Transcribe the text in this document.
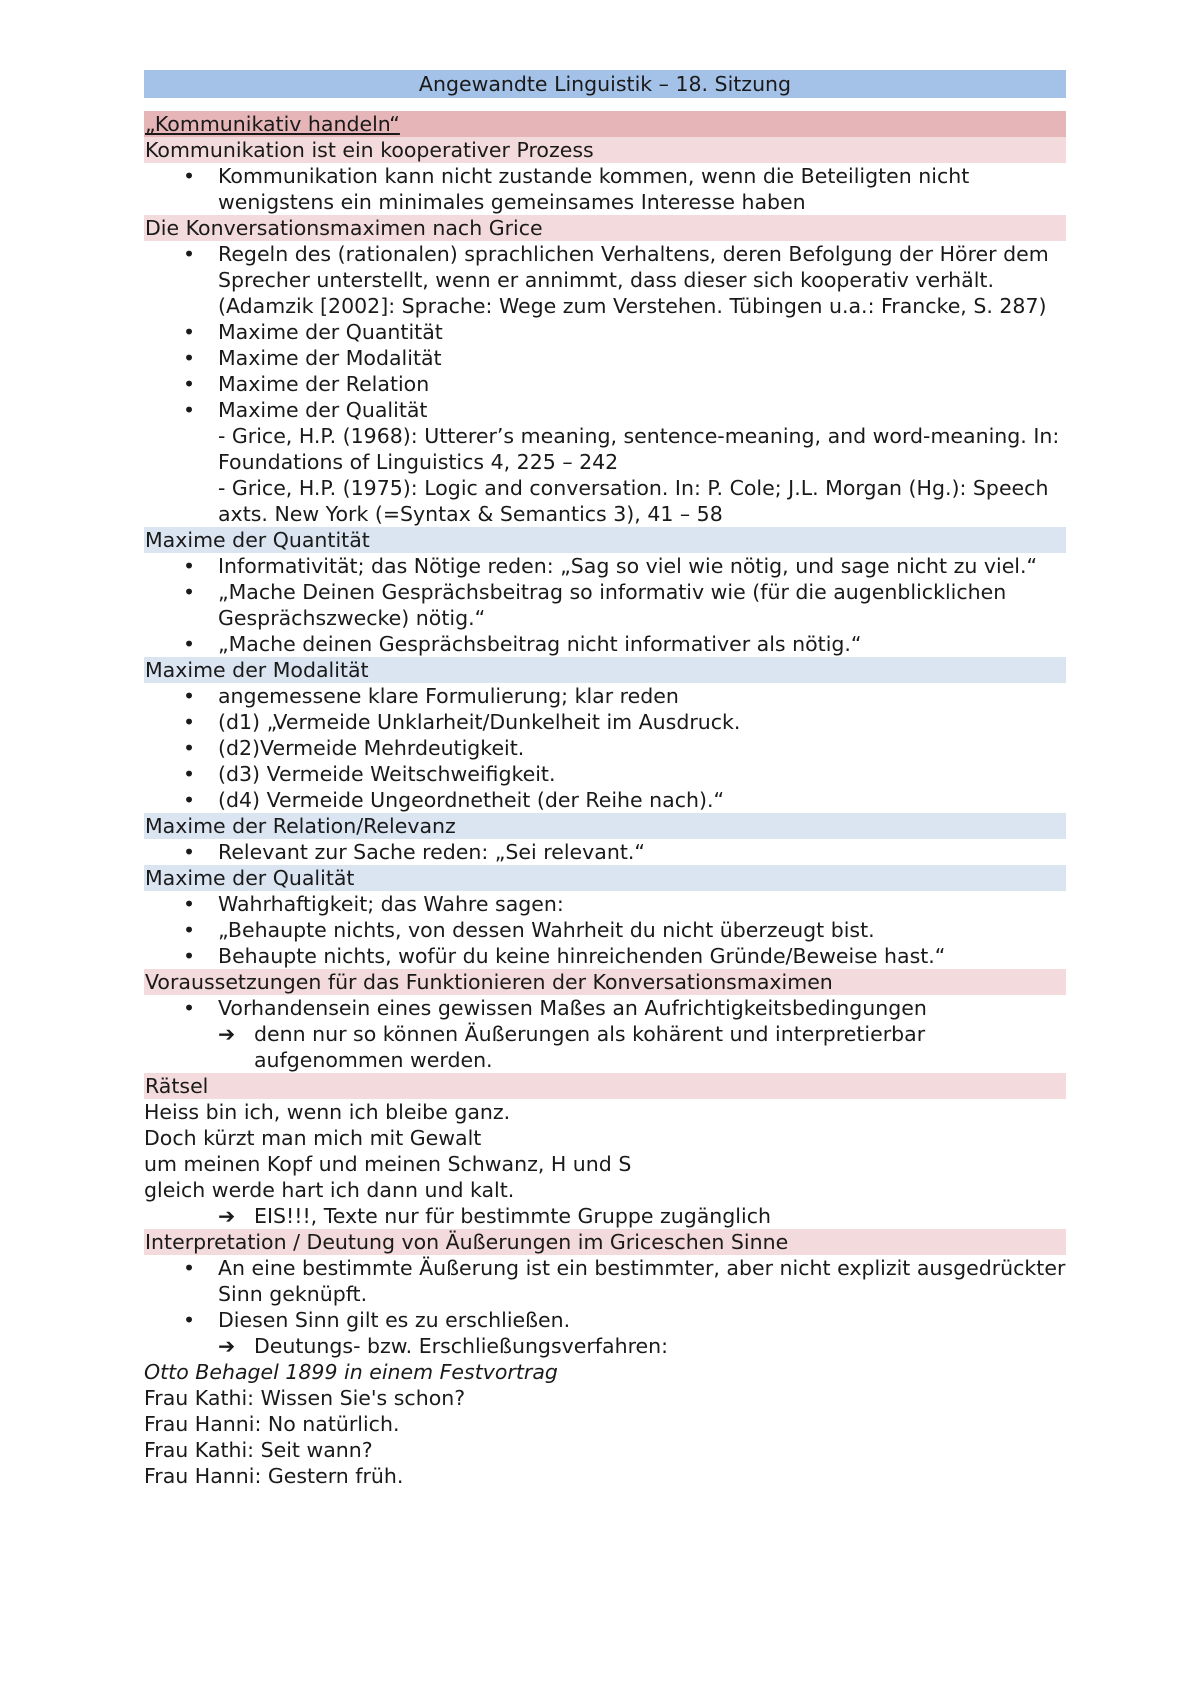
Angewandte Linguistik – 18. Sitzung
„Kommunikativ handeln“
Kommunikation ist ein kooperativer Prozess
• Kommunikation kann nicht zustande kommen, wenn die Beteiligten nicht wenigstens ein minimales gemeinsames Interesse haben
Die Konversationsmaximen nach Grice
• Regeln des (rationalen) sprachlichen Verhaltens, deren Befolgung der Hörer dem Sprecher unterstellt, wenn er annimmt, dass dieser sich kooperativ verhält. (Adamzik [2002]: Sprache: Wege zum Verstehen. Tübingen u.a.: Francke, S. 287)
• Maxime der Quantität
• Maxime der Modalität
• Maxime der Relation
• Maxime der Qualität
- Grice, H.P. (1968): Utterer’s meaning, sentence-meaning, and word-meaning. In: Foundations of Linguistics 4, 225 – 242
- Grice, H.P. (1975): Logic and conversation. In: P. Cole; J.L. Morgan (Hg.): Speech axts. New York (=Syntax & Semantics 3), 41 – 58
Maxime der Quantität
• Informativität; das Nötige reden: „Sag so viel wie nötig, und sage nicht zu viel.“
• „Mache Deinen Gesprächsbeitrag so informativ wie (für die augenblicklichen Gesprächszwecke) nötig.“
• „Mache deinen Gesprächsbeitrag nicht informativer als nötig.“
Maxime der Modalität
• angemessene klare Formulierung; klar reden
• (d1) „Vermeide Unklarheit/Dunkelheit im Ausdruck.
• (d2)Vermeide Mehrdeutigkeit.
• (d3) Vermeide Weitschweifigkeit.
• (d4) Vermeide Ungeordnetheit (der Reihe nach).“
Maxime der Relation/Relevanz
• Relevant zur Sache reden: „Sei relevant.“
Maxime der Qualität
• Wahrhaftigkeit; das Wahre sagen:
• „Behaupte nichts, von dessen Wahrheit du nicht überzeugt bist.
• Behaupte nichts, wofür du keine hinreichenden Gründe/Beweise hast.“
Voraussetzungen für das Funktionieren der Konversationsmaximen
• Vorhandensein eines gewissen Maßes an Aufrichtigkeitsbedingungen
➔ denn nur so können Äußerungen als kohärent und interpretierbar aufgenommen werden.
Rätsel
Heiss bin ich, wenn ich bleibe ganz.
Doch kürzt man mich mit Gewalt
um meinen Kopf und meinen Schwanz, H und S
gleich werde hart ich dann und kalt.
➔ EIS!!!, Texte nur für bestimmte Gruppe zugänglich
Interpretation / Deutung von Äußerungen im Griceschen Sinne
• An eine bestimmte Äußerung ist ein bestimmter, aber nicht explizit ausgedrückter Sinn geknüpft.
• Diesen Sinn gilt es zu erschließen.
➔ Deutungs- bzw. Erschließungsverfahren:
Otto Behagel 1899 in einem Festvortrag
Frau Kathi: Wissen Sie's schon?
Frau Hanni: No natürlich.
Frau Kathi: Seit wann?
Frau Hanni: Gestern früh.
